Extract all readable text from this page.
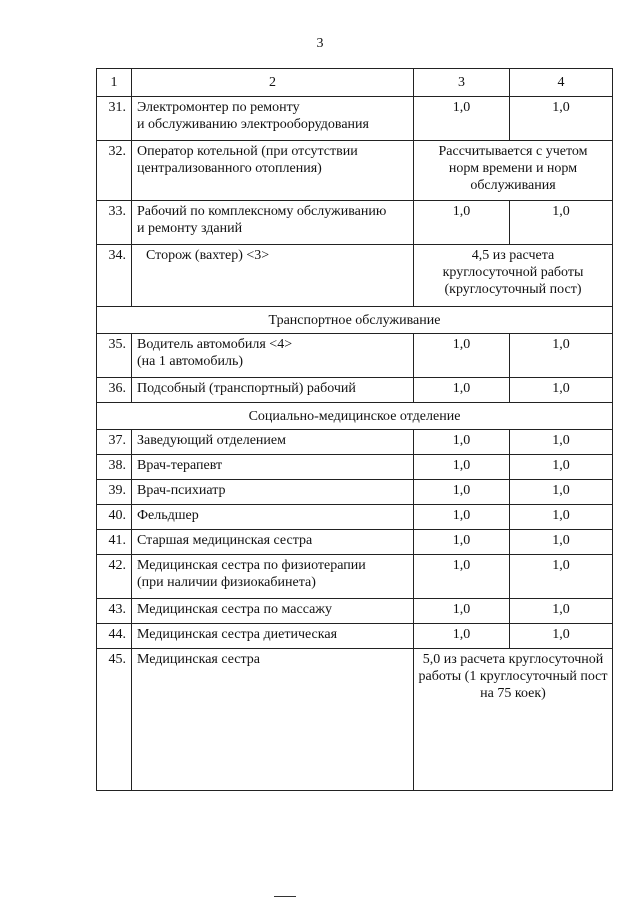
3
1	2	3	4
31.	Электромонтер по ремонту
и обслуживанию электрооборудования	1,0	1,0
32.	Оператор котельной (при отсутствии
централизованного отопления)	Рассчитывается с учетом норм времени и норм обслуживания	
33.	Рабочий по комплексному обслуживанию
и ремонту зданий	1,0	1,0
34.	Сторож (вахтер) <3>	4,5 из расчета круглосуточной работы (круглосуточный пост)	
Транспортное обслуживание			
35.	Водитель автомобиля <4>
(на 1 автомобиль)	1,0	1,0
36.	Подсобный (транспортный) рабочий	1,0	1,0
Социально-медицинское отделение			
37.	Заведующий отделением	1,0	1,0
38.	Врач-терапевт	1,0	1,0
39.	Врач-психиатр	1,0	1,0
40.	Фельдшер	1,0	1,0
41.	Старшая медицинская сестра	1,0	1,0
42.	Медицинская сестра по физиотерапии
(при наличии физиокабинета)	1,0	1,0
43.	Медицинская сестра по массажу	1,0	1,0
44.	Медицинская сестра диетическая	1,0	1,0
45.	Медицинская сестра	5,0 из расчета круглосуточной работы (1 круглосуточный пост на 75 коек)	
